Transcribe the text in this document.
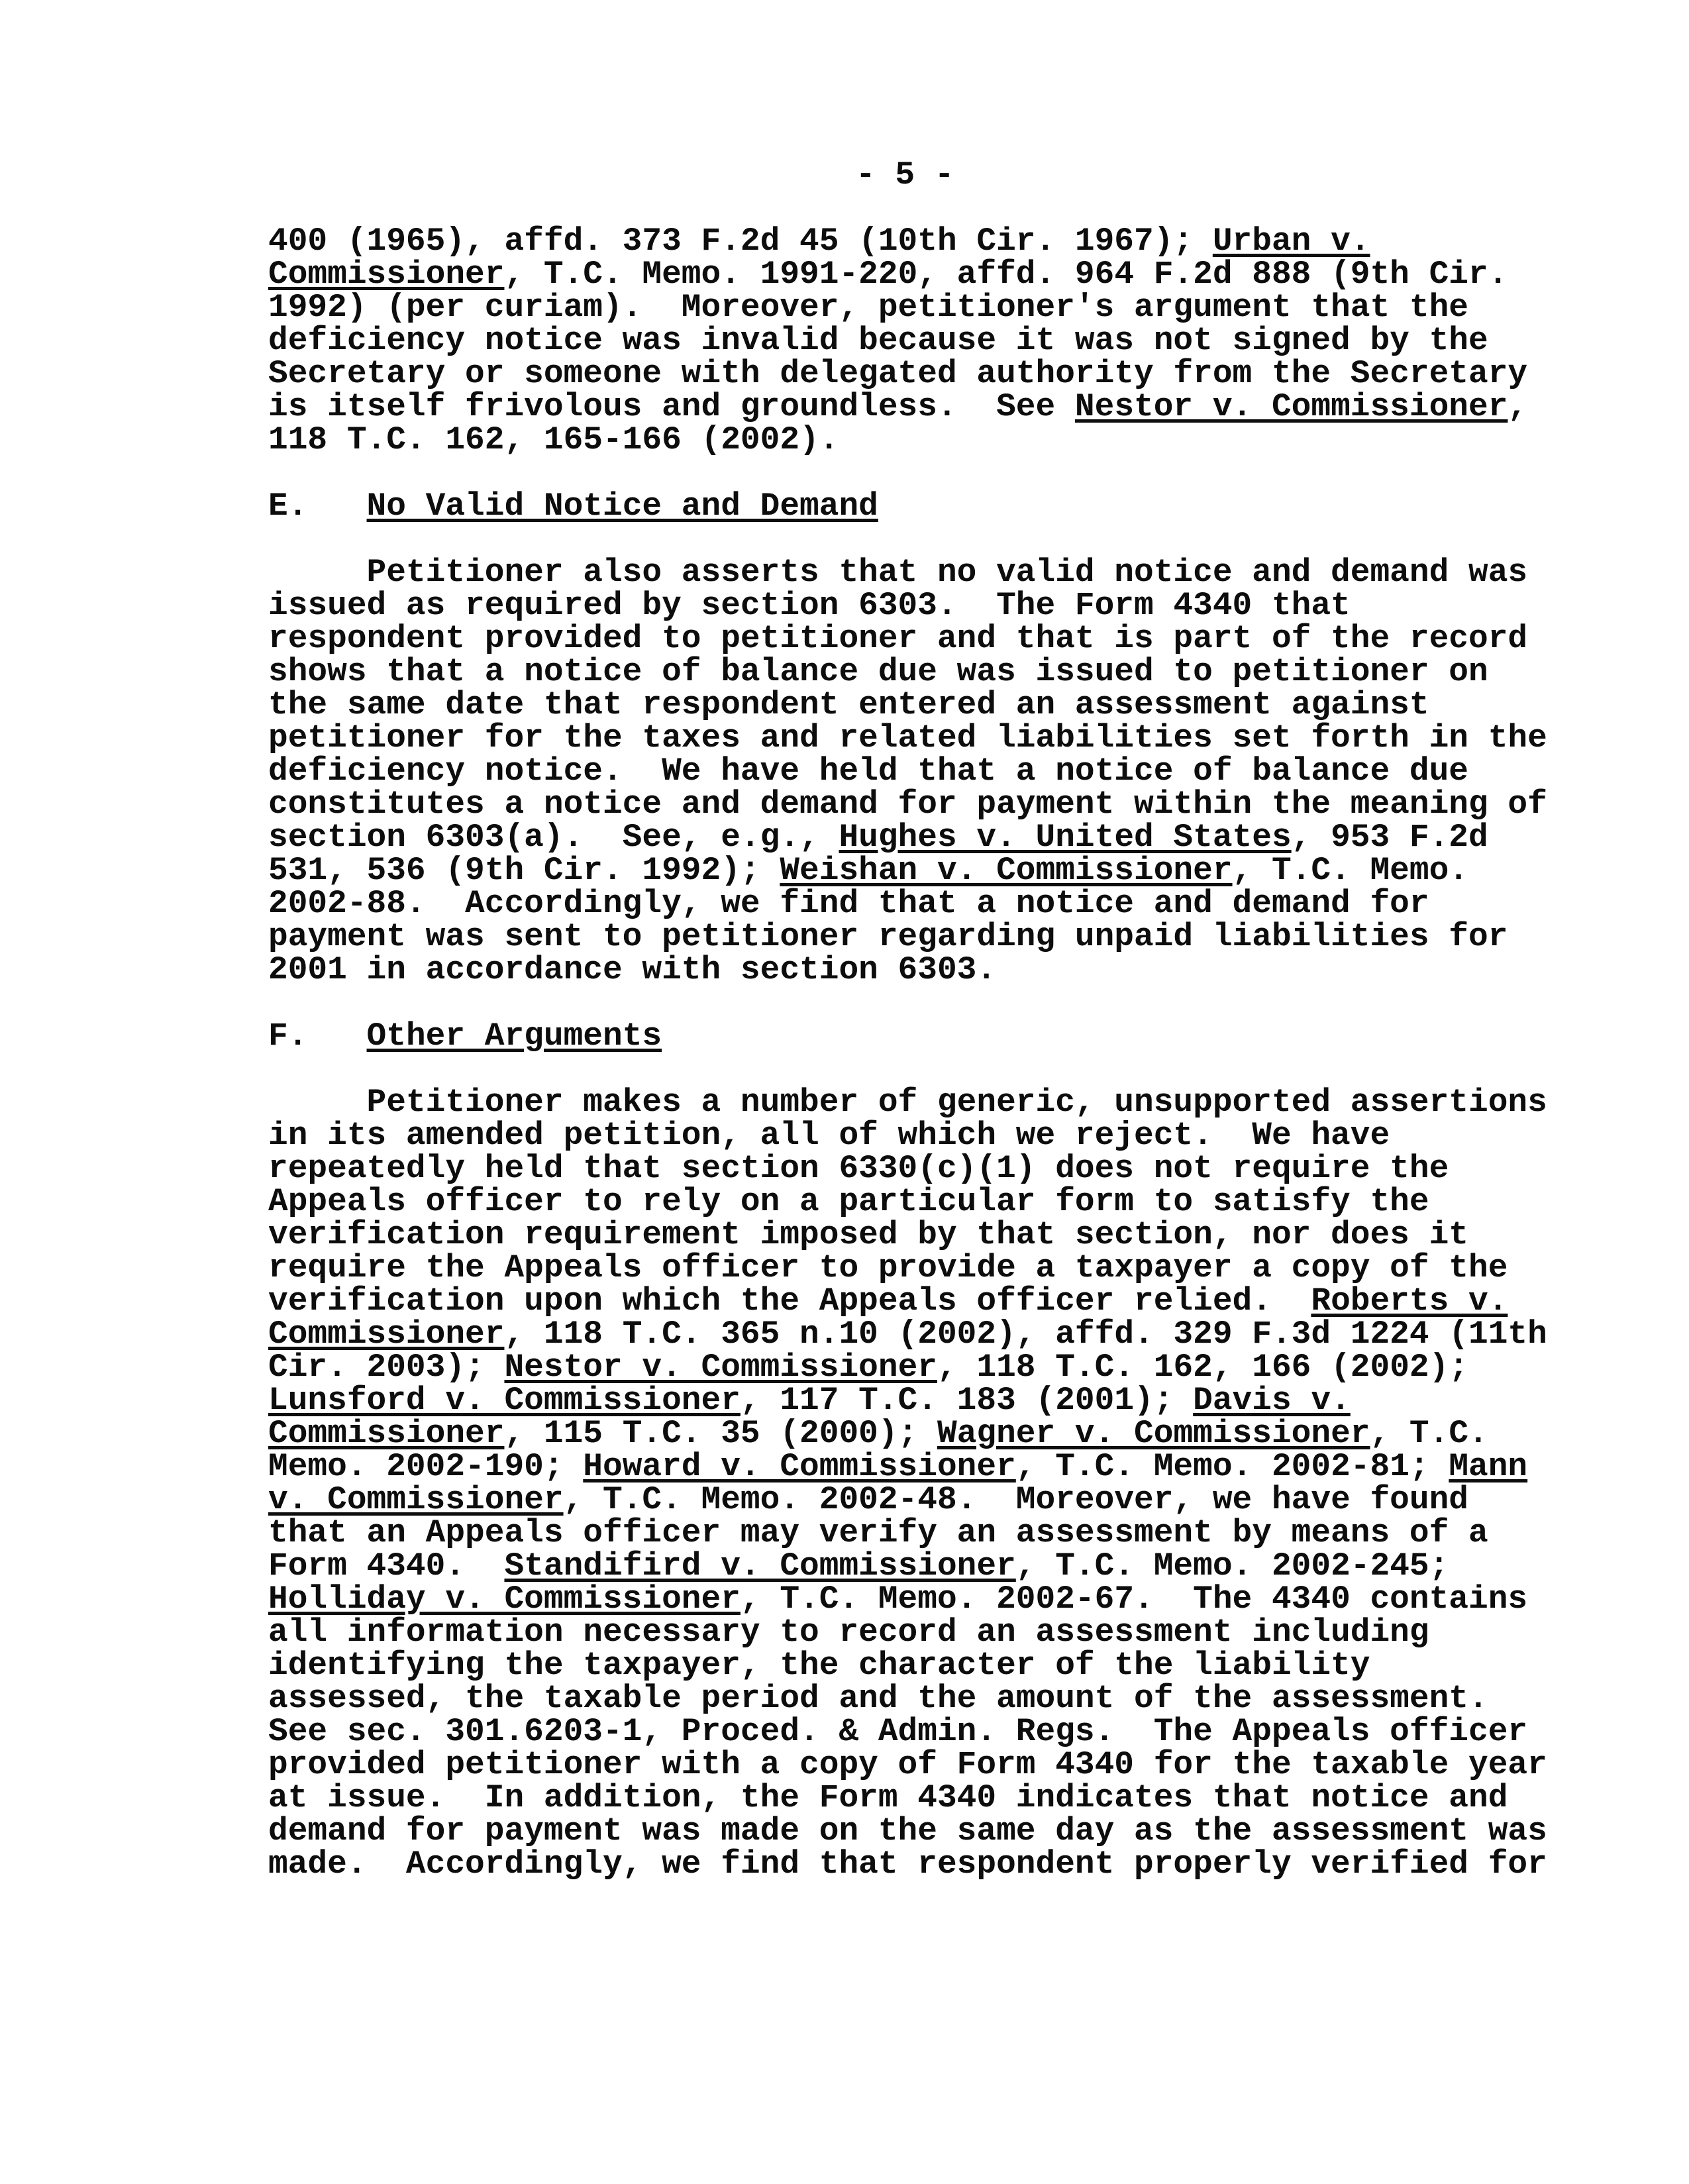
- 5 -
400 (1965), affd. 373 F.2d 45 (10th Cir. 1967); Urban v.
Commissioner, T.C. Memo. 1991-220, affd. 964 F.2d 888 (9th Cir.
1992) (per curiam).  Moreover, petitioner's argument that the
deficiency notice was invalid because it was not signed by the
Secretary or someone with delegated authority from the Secretary
is itself frivolous and groundless.  See Nestor v. Commissioner,
118 T.C. 162, 165-166 (2002).
E.   No Valid Notice and Demand
Petitioner also asserts that no valid notice and demand was
issued as required by section 6303.  The Form 4340 that
respondent provided to petitioner and that is part of the record
shows that a notice of balance due was issued to petitioner on
the same date that respondent entered an assessment against
petitioner for the taxes and related liabilities set forth in the
deficiency notice.  We have held that a notice of balance due
constitutes a notice and demand for payment within the meaning of
section 6303(a).  See, e.g., Hughes v. United States, 953 F.2d
531, 536 (9th Cir. 1992); Weishan v. Commissioner, T.C. Memo.
2002-88.  Accordingly, we find that a notice and demand for
payment was sent to petitioner regarding unpaid liabilities for
2001 in accordance with section 6303.
F.   Other Arguments
Petitioner makes a number of generic, unsupported assertions
in its amended petition, all of which we reject.  We have
repeatedly held that section 6330(c)(1) does not require the
Appeals officer to rely on a particular form to satisfy the
verification requirement imposed by that section, nor does it
require the Appeals officer to provide a taxpayer a copy of the
verification upon which the Appeals officer relied.  Roberts v.
Commissioner, 118 T.C. 365 n.10 (2002), affd. 329 F.3d 1224 (11th
Cir. 2003); Nestor v. Commissioner, 118 T.C. 162, 166 (2002);
Lunsford v. Commissioner, 117 T.C. 183 (2001); Davis v.
Commissioner, 115 T.C. 35 (2000); Wagner v. Commissioner, T.C.
Memo. 2002-190; Howard v. Commissioner, T.C. Memo. 2002-81; Mann
v. Commissioner, T.C. Memo. 2002-48.  Moreover, we have found
that an Appeals officer may verify an assessment by means of a
Form 4340.  Standifird v. Commissioner, T.C. Memo. 2002-245;
Holliday v. Commissioner, T.C. Memo. 2002-67.  The 4340 contains
all information necessary to record an assessment including
identifying the taxpayer, the character of the liability
assessed, the taxable period and the amount of the assessment.
See sec. 301.6203-1, Proced. & Admin. Regs.  The Appeals officer
provided petitioner with a copy of Form 4340 for the taxable year
at issue.  In addition, the Form 4340 indicates that notice and
demand for payment was made on the same day as the assessment was
made.  Accordingly, we find that respondent properly verified for
